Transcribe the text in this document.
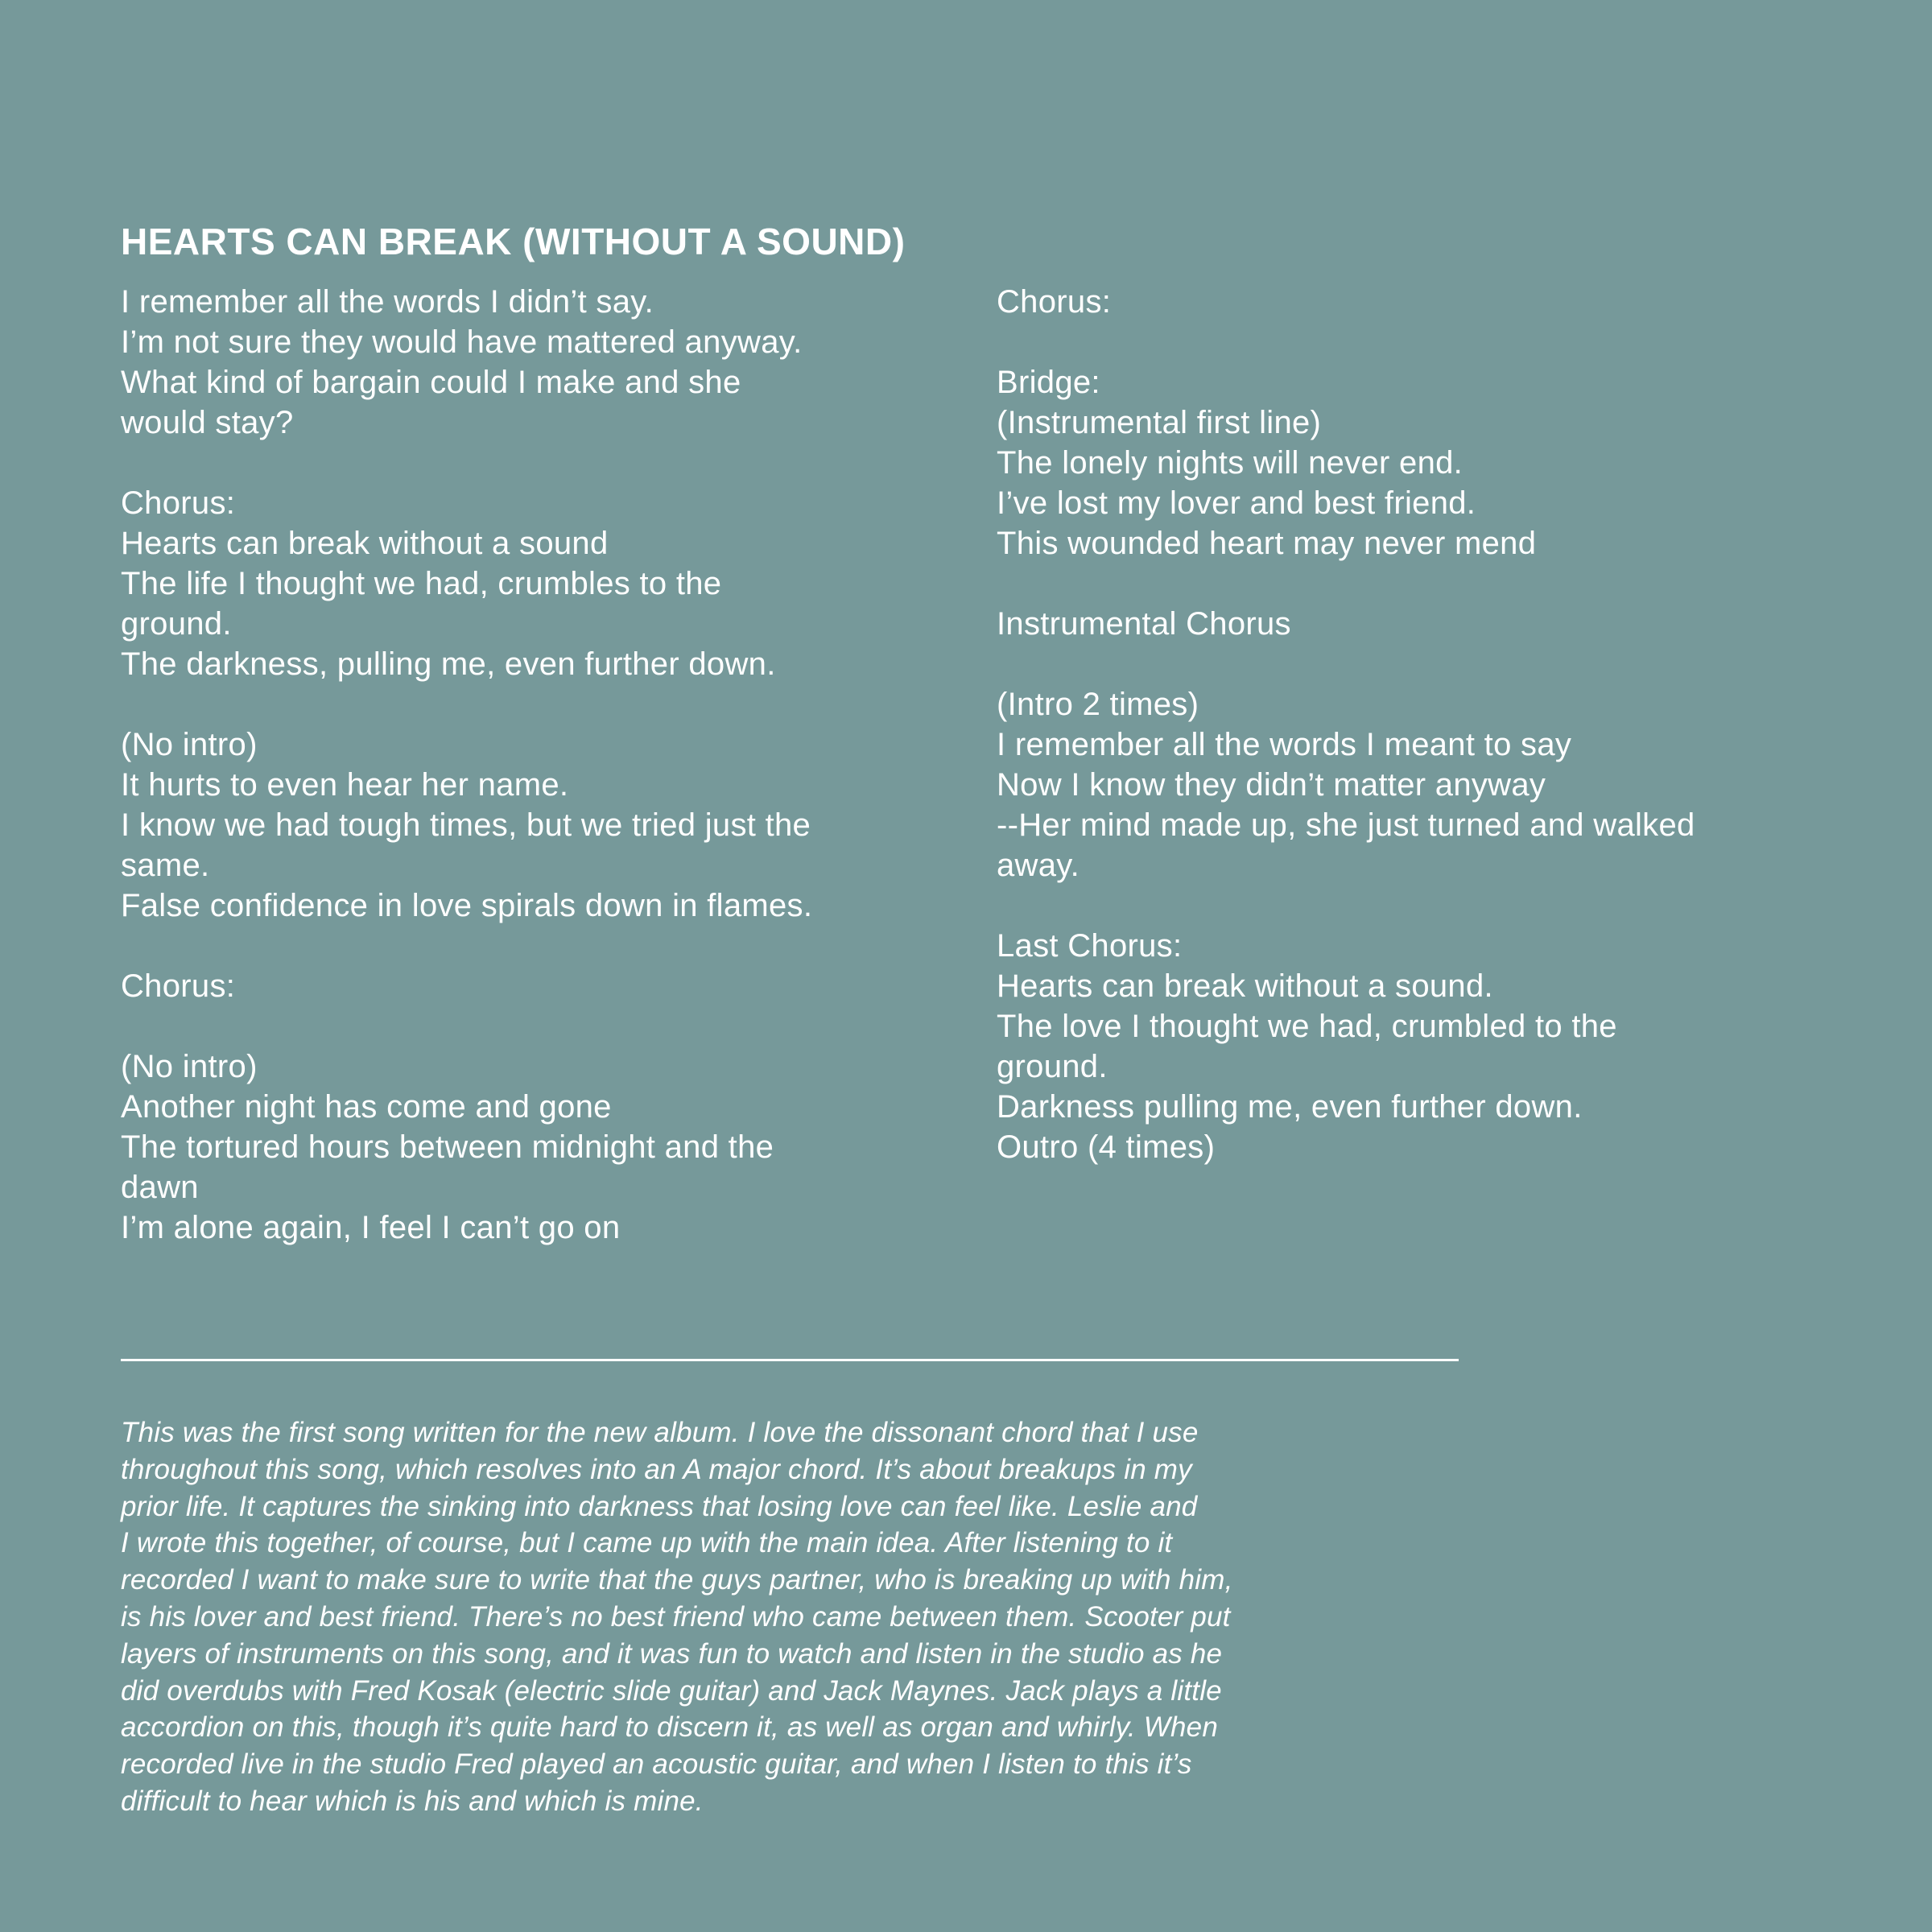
HEARTS CAN BREAK (WITHOUT A SOUND)
I remember all the words I didn’t say.
I’m not sure they would have mattered anyway.
What kind of bargain could I make and she
would stay?
Chorus:
Hearts can break without a sound
The life I thought we had, crumbles to the
ground.
The darkness, pulling me, even further down.
(No intro)
It hurts to even hear her name.
I know we had tough times, but we tried just the
same.
False confidence in love spirals down in flames.
Chorus:
(No intro)
Another night has come and gone
The tortured hours between midnight and the
dawn
I’m alone again, I feel I can’t go on
Chorus:
Bridge:
(Instrumental first line)
The lonely nights will never end.
I’ve lost my lover and best friend.
This wounded heart may never mend
Instrumental Chorus
(Intro 2 times)
I remember all the words I meant to say
Now I know they didn’t matter anyway
--Her mind made up, she just turned and walked
away.
Last Chorus:
Hearts can break without a sound.
The love I thought we had, crumbled to the
ground.
Darkness pulling me, even further down.
Outro (4 times)
This was the first song written for the new album. I love the dissonant chord that I use
throughout this song, which resolves into an A major chord. It’s about breakups in my
prior life. It captures the sinking into darkness that losing love can feel like. Leslie and
I wrote this together, of course, but I came up with the main idea. After listening to it
recorded I want to make sure to write that the guys partner, who is breaking up with him,
is his lover and best friend. There’s no best friend who came between them. Scooter put
layers of instruments on this song, and it was fun to watch and listen in the studio as he
did overdubs with Fred Kosak (electric slide guitar) and Jack Maynes. Jack plays a little
accordion on this, though it’s quite hard to discern it, as well as organ and whirly. When
recorded live in the studio Fred played an acoustic guitar, and when I listen to this it’s
difficult to hear which is his and which is mine.
